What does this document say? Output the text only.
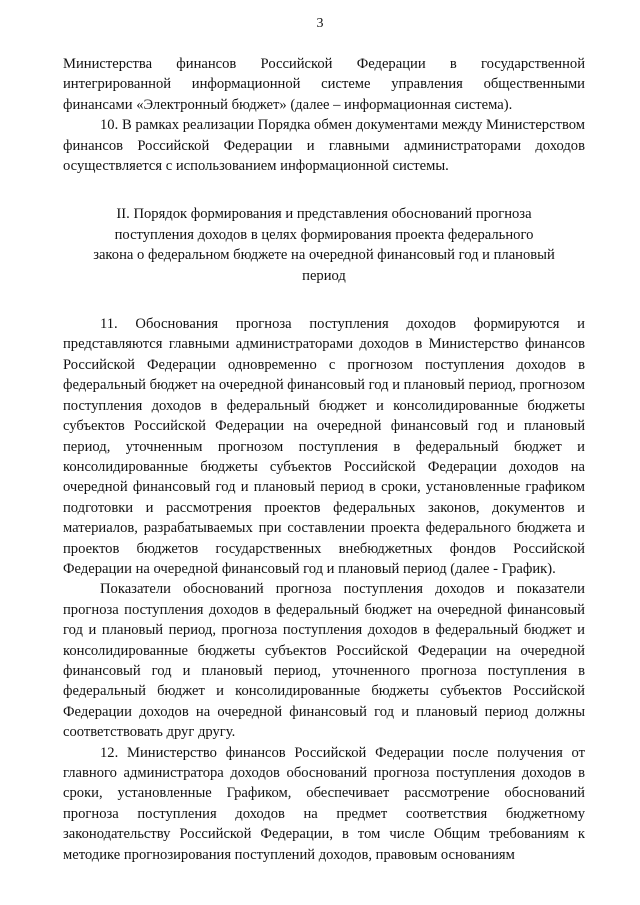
3

Министерства финансов Российской Федерации в государственной интегрированной информационной системе управления общественными финансами «Электронный бюджет» (далее – информационная система).

10. В рамках реализации Порядка обмен документами между Министерством финансов Российской Федерации и главными администраторами доходов осуществляется с использованием информационной системы.

II. Порядок формирования и представления обоснований прогноза поступления доходов в целях формирования проекта федерального закона о федеральном бюджете на очередной финансовый год и плановый период

11. Обоснования прогноза поступления доходов формируются и представляются главными администраторами доходов в Министерство финансов Российской Федерации одновременно с прогнозом поступления доходов в федеральный бюджет на очередной финансовый год и плановый период, прогнозом поступления доходов в федеральный бюджет и консолидированные бюджеты субъектов Российской Федерации на очередной финансовый год и плановый период, уточненным прогнозом поступления в федеральный бюджет и консолидированные бюджеты субъектов Российской Федерации доходов на очередной финансовый год и плановый период в сроки, установленные графиком подготовки и рассмотрения проектов федеральных законов, документов и материалов, разрабатываемых при составлении проекта федерального бюджета и проектов бюджетов государственных внебюджетных фондов Российской Федерации на очередной финансовый год и плановый период (далее - График).

Показатели обоснований прогноза поступления доходов и показатели прогноза поступления доходов в федеральный бюджет на очередной финансовый год и плановый период, прогноза поступления доходов в федеральный бюджет и консолидированные бюджеты субъектов Российской Федерации на очередной финансовый год и плановый период, уточненного прогноза поступления в федеральный бюджет и консолидированные бюджеты субъектов Российской Федерации доходов на очередной финансовый год и плановый период должны соответствовать друг другу.

12. Министерство финансов Российской Федерации после получения от главного администратора доходов обоснований прогноза поступления доходов в сроки, установленные Графиком, обеспечивает рассмотрение обоснований прогноза поступления доходов на предмет соответствия бюджетному законодательству Российской Федерации, в том числе Общим требованиям к методике прогнозирования поступлений доходов, правовым основаниям
